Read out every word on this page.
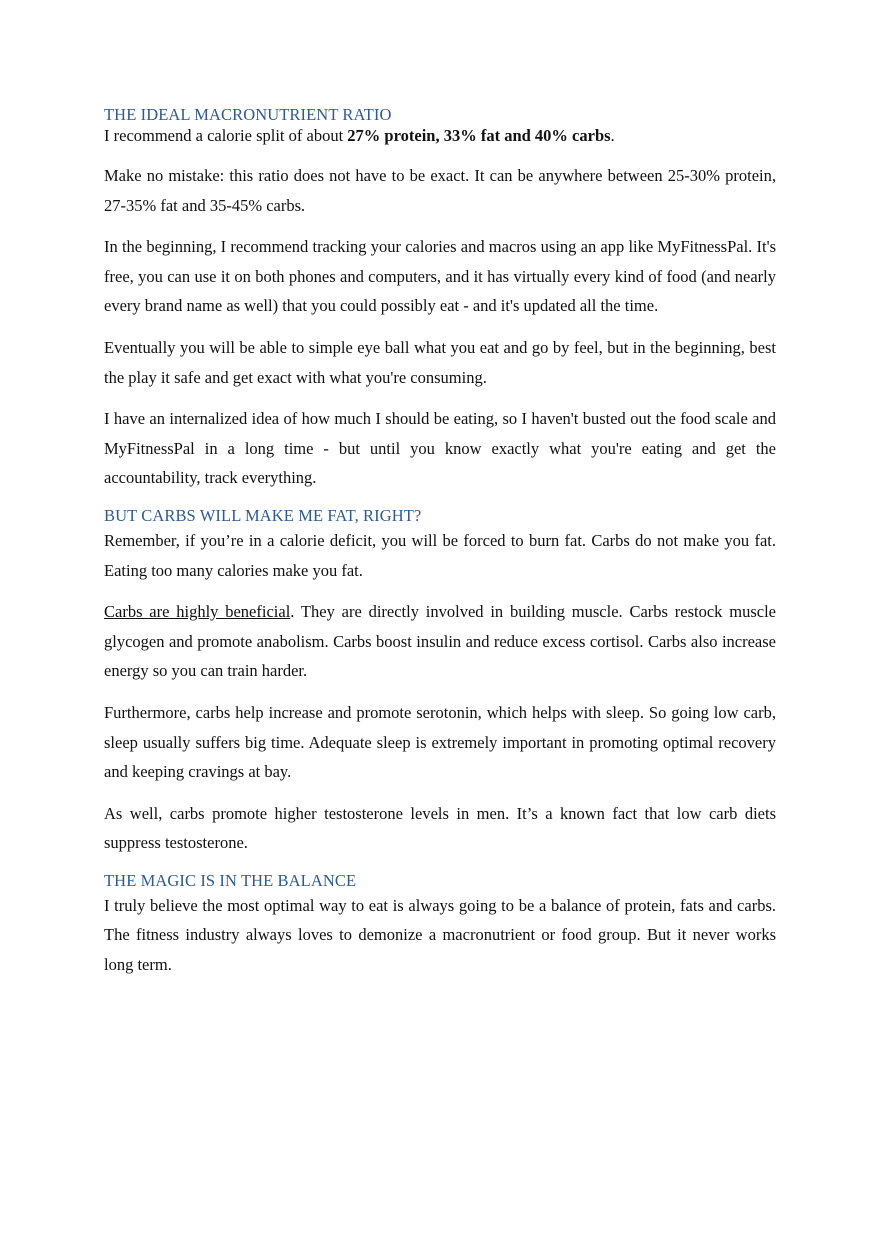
THE IDEAL MACRONUTRIENT RATIO

I recommend a calorie split of about 27% protein, 33% fat and 40% carbs.

Make no mistake: this ratio does not have to be exact. It can be anywhere between 25-30% protein, 27-35% fat and 35-45% carbs.

In the beginning, I recommend tracking your calories and macros using an app like MyFitnessPal. It's free, you can use it on both phones and computers, and it has virtually every kind of food (and nearly every brand name as well) that you could possibly eat - and it's updated all the time.

Eventually you will be able to simple eye ball what you eat and go by feel, but in the beginning, best the play it safe and get exact with what you're consuming.

I have an internalized idea of how much I should be eating, so I haven't busted out the food scale and MyFitnessPal in a long time - but until you know exactly what you're eating and get the accountability, track everything.

BUT CARBS WILL MAKE ME FAT, RIGHT?

Remember, if you’re in a calorie deficit, you will be forced to burn fat. Carbs do not make you fat. Eating too many calories make you fat.

Carbs are highly beneficial. They are directly involved in building muscle. Carbs restock muscle glycogen and promote anabolism. Carbs boost insulin and reduce excess cortisol. Carbs also increase energy so you can train harder.

Furthermore, carbs help increase and promote serotonin, which helps with sleep. So going low carb, sleep usually suffers big time. Adequate sleep is extremely important in promoting optimal recovery and keeping cravings at bay.

As well, carbs promote higher testosterone levels in men. It’s a known fact that low carb diets suppress testosterone.

THE MAGIC IS IN THE BALANCE

I truly believe the most optimal way to eat is always going to be a balance of protein, fats and carbs. The fitness industry always loves to demonize a macronutrient or food group. But it never works long term.
